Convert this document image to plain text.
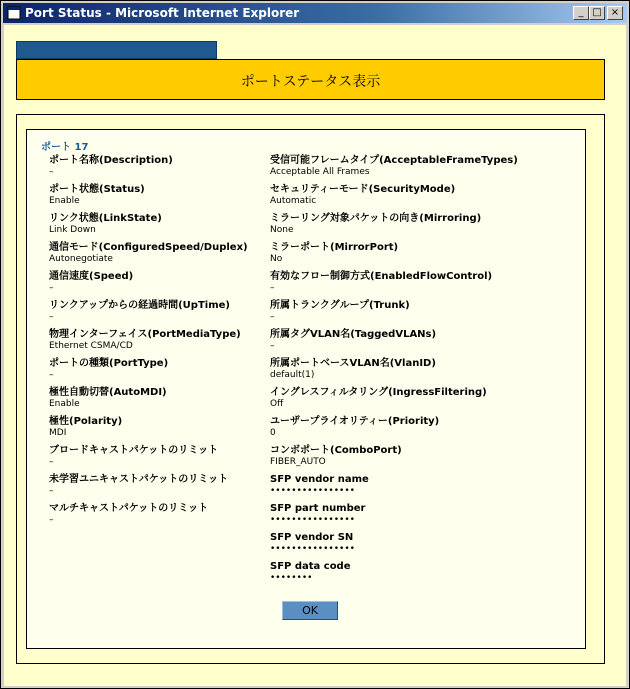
Port Status - Microsoft Internet Explorer	_ □ ×
ポートステータス表示
ポート 17
ポート名称(Description)
–
ポート状態(Status)
Enable
リンク状態(LinkState)
Link Down
通信モード(ConfiguredSpeed/Duplex)
Autonegotiate
通信速度(Speed)
–
リンクアップからの経過時間(UpTime)
–
物理インターフェイス(PortMediaType)
Ethernet CSMA/CD
ポートの種類(PortType)
–
極性自動切替(AutoMDI)
Enable
極性(Polarity)
MDI
ブロードキャストパケットのリミット
–
未学習ユニキャストパケットのリミット
–
マルチキャストパケットのリミット
–
受信可能フレームタイプ(AcceptableFrameTypes)
Acceptable All Frames
セキュリティーモード(SecurityMode)
Automatic
ミラーリング対象パケットの向き(Mirroring)
None
ミラーポート(MirrorPort)
No
有効なフロー制御方式(EnabledFlowControl)
–
所属トランクグループ(Trunk)
–
所属タグVLAN名(TaggedVLANs)
–
所属ポートベースVLAN名(VlanID)
default(1)
イングレスフィルタリング(IngressFiltering)
Off
ユーザープライオリティー(Priority)
0
コンボポート(ComboPort)
FIBER_AUTO
SFP vendor name
••••••••••••••••
SFP part number
••••••••••••••••
SFP vendor SN
••••••••••••••••
SFP data code
••••••••
OK
